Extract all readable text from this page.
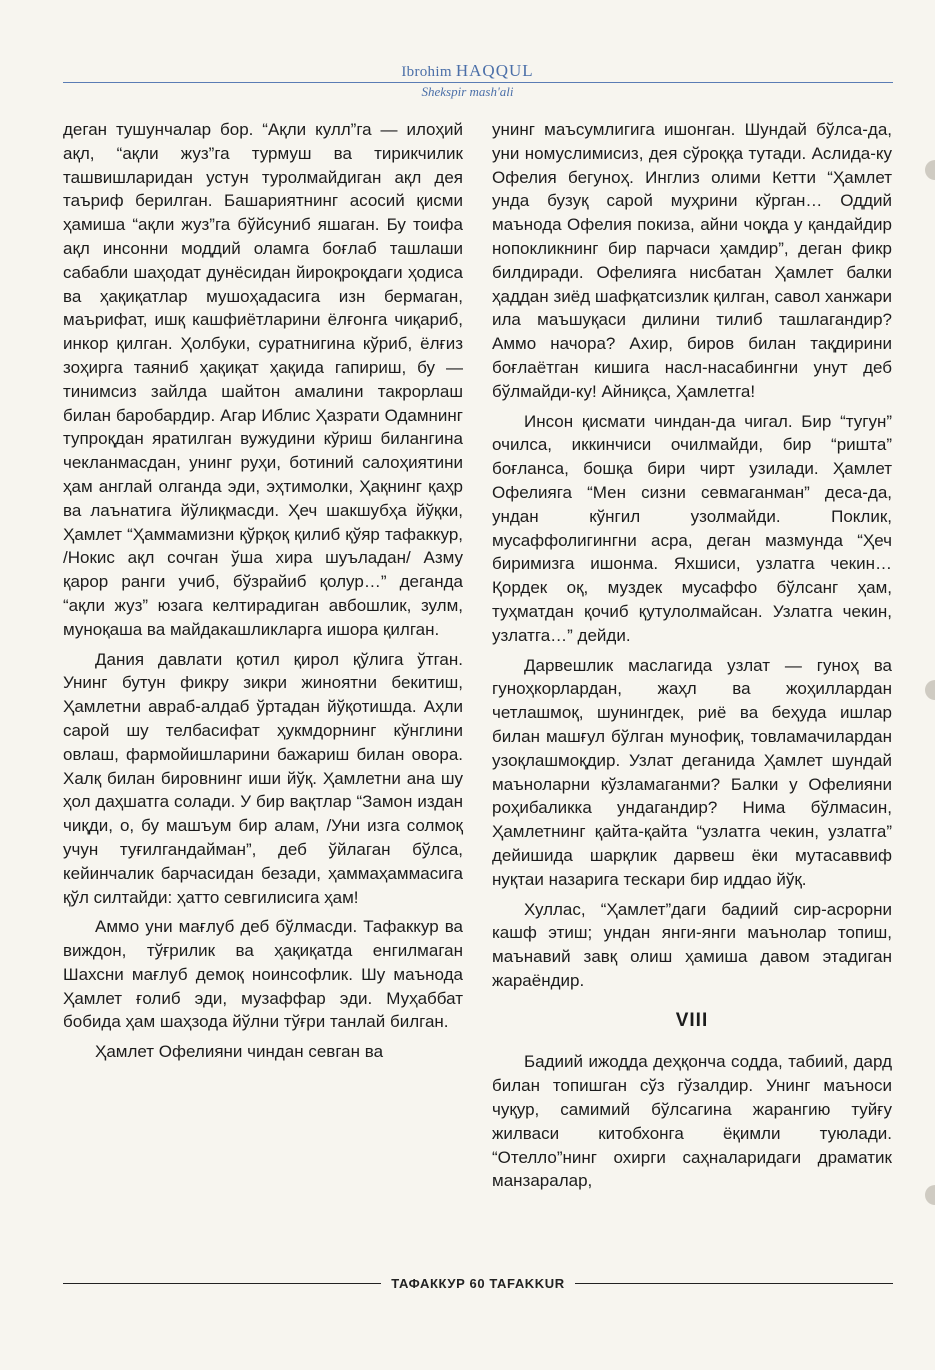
Ibrohim HAQQUL
Sheksрir mash'ali

деган тушунчалар бор. “Ақли кулл”га — илоҳий ақл, “ақли жуз”га турмуш ва тирикчилик ташвишларидан устун туролмайдиган ақл дея таъриф берилган. Башариятнинг асосий қисми ҳамиша “ақли жуз”га бўйсуниб яшаган. Бу тоифа ақл инсонни моддий оламга боғлаб ташлаши сабабли шаҳодат дунёсидан йироқроқдаги ҳодиса ва ҳақиқатлар мушоҳадасига изн бермаган, маърифат, ишқ кашфиётларини ёлғонга чиқариб, инкор қилган. Ҳолбуки, суратнигина кўриб, ёлғиз зоҳирга таяниб ҳақиқат ҳақида гапириш, бу — тинимсиз зайлда шайтон амалини такрорлаш билан баробардир. Агар Иблис Ҳазрати Одамнинг тупроқдан яратилган вужудини кўриш билангина чекланмасдан, унинг руҳи, ботиний салоҳиятини ҳам англай олганда эди, эҳтимолки, Ҳақнинг қаҳр ва лаънатига йўлиқмасди. Ҳеч шакшубҳа йўқки, Ҳамлет “Ҳаммамизни қўрқоқ қилиб қўяр тафаккур, /Нокис ақл сочган ўша хира шуъладан/ Азму қарор ранги учиб, бўзрайиб қолур…” деганда “ақли жуз” юзага келтирадиган авбошлик, зулм, муноқаша ва майдакашликларга ишора қилган.

Дания давлати қотил қирол қўлига ўтган. Унинг бутун фикру зикри жиноятни бекитиш, Ҳамлетни авраб-алдаб ўртадан йўқотишда. Аҳли сарой шу телбасифат ҳукмдорнинг кўнглини овлаш, фармойишларини бажариш билан овора. Халқ билан бировнинг иши йўқ. Ҳамлетни ана шу ҳол даҳшатга солади. У бир вақтлар “Замон издан чиқди, о, бу машъум бир алам, /Уни изга солмоқ учун туғилгандайман”, деб ўйлаган бўлса, кейинчалик барчасидан безади, ҳаммаҳаммасига қўл силтайди: ҳатто севгилисига ҳам!

Аммо уни мағлуб деб бўлмасди. Тафаккур ва виждон, тўғрилик ва ҳақиқатда енгилмаган Шахсни мағлуб демоқ ноинсофлик. Шу маънода Ҳамлет ғолиб эди, музаффар эди. Муҳаббат бобида ҳам шаҳзода йўлни тўғри танлай билган.

Ҳамлет Офелияни чиндан севган ва

унинг маъсумлигига ишонган. Шундай бўлса-да, уни номуслимисиз, дея сўроққа тутади. Аслида-ку Офелия бегуноҳ. Инглиз олими Кетти “Ҳамлет унда бузуқ сарой муҳрини кўрган… Оддий маънода Офелия покиза, айни чоқда у қандайдир нопокликнинг бир парчаси ҳамдир”, деган фикр билдиради. Офелияга нисбатан Ҳамлет балки ҳаддан зиёд шафқатсизлик қилган, савол ханжари ила маъшуқаси дилини тилиб ташлагандир? Аммо начора? Ахир, биров билан тақдирини боғлаётган кишига насл-насабингни унут деб бўлмайди-ку! Айниқса, Ҳамлетга!

Инсон қисмати чиндан-да чигал. Бир “тугун” очилса, иккинчиси очилмайди, бир “ришта” боғланса, бошқа бири чирт узилади. Ҳамлет Офелияга “Мен сизни севмаганман” деса-да, ундан кўнгил узолмайди. Поклик, мусаффолигингни асра, деган мазмунда “Ҳеч биримизга ишонма. Яхшиси, узлатга чекин… Қордек оқ, муздек мусаффо бўлсанг ҳам, туҳматдан қочиб қутулолмайсан. Узлатга чекин, узлатга…” дейди.

Дарвешлик маслагида узлат — гуноҳ ва гуноҳкорлардан, жаҳл ва жоҳиллардан четлашмоқ, шунингдек, риё ва беҳуда ишлар билан машғул бўлган мунофиқ, товламачилардан узоқлашмоқдир. Узлат деганида Ҳамлет шундай маъноларни кўзламаганми? Балки у Офелияни роҳибаликка ундагандир? Нима бўлмасин, Ҳамлетнинг қайта-қайта “узлатга чекин, узлатга” дейишида шарқлик дарвеш ёки мутасаввиф нуқтаи назарига тескари бир иддао йўқ.

Хуллас, “Ҳамлет”даги бадиий сир-асрорни кашф этиш; ундан янги-янги маънолар топиш, маънавий завқ олиш ҳамиша давом этадиган жараёндир.

VIII

Бадиий ижодда деҳқонча содда, табиий, дард билан топишган сўз гўзалдир. Унинг маъноси чуқур, самимий бўлсагина жарангию туйғу жилваси китобхонга ёқимли туюлади. “Отелло”нинг охирги саҳналаридаги драматик манзаралар,

ТАФАККУР 60 TAFAKKUR
